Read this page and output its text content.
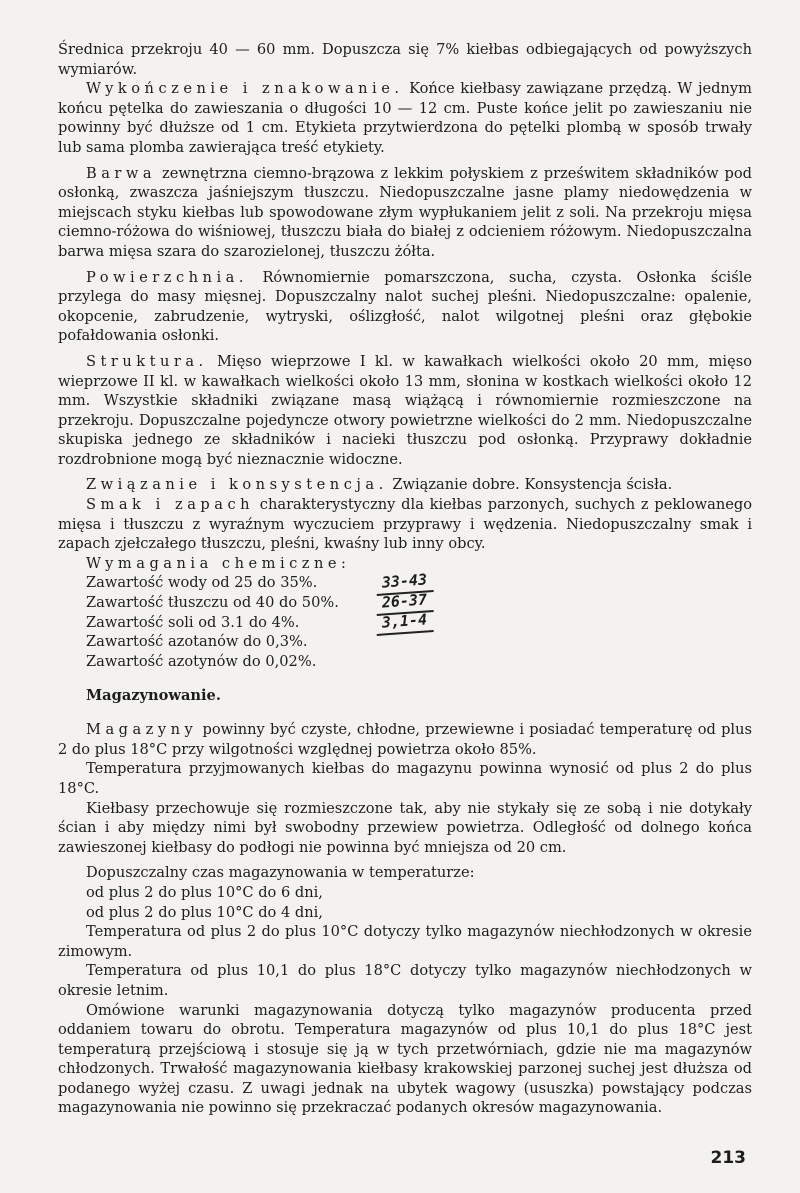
Średnica przekroju 40 — 60 mm. Dopuszcza się 7% kiełbas odbiegających od powyższych wymiarów.

Wykończenie i znakowanie. Końce kiełbasy zawiązane przędzą. W jednym końcu pętelka do zawieszania o długości 10 — 12 cm. Puste końce jelit po zawieszaniu nie powinny być dłuższe od 1 cm. Etykieta przytwierdzona do pętelki plombą w sposób trwały lub sama plomba zawierająca treść etykiety.

Barwa zewnętrzna ciemno-brązowa z lekkim połyskiem z prześwitem składników pod osłonką, zwaszcza jaśniejszym tłuszczu. Niedopuszczalne jasne plamy niedowędzenia w miejscach styku kiełbas lub spowodowane złym wypłukaniem jelit z soli. Na przekroju mięsa ciemno-różowa do wiśniowej, tłuszczu biała do białej z odcieniem różowym. Niedopuszczalna barwa mięsa szara do szarozielonej, tłuszczu żółta.

Powierzchnia. Równomiernie pomarszczona, sucha, czysta. Osłonka ściśle przylega do masy mięsnej. Dopuszczalny nalot suchej pleśni. Niedopuszczalne: opalenie, okopcenie, zabrudzenie, wytryski, oślizgłość, nalot wilgotnej pleśni oraz głębokie pofałdowania osłonki.

Struktura. Mięso wieprzowe I kl. w kawałkach wielkości około 20 mm, mięso wieprzowe II kl. w kawałkach wielkości około 13 mm, słonina w kostkach wielkości około 12 mm. Wszystkie składniki związane masą wiążącą i równomiernie rozmieszczone na przekroju. Dopuszczalne pojedyncze otwory powietrzne wielkości do 2 mm. Niedopuszczalne skupiska jednego ze składników i nacieki tłuszczu pod osłonką. Przyprawy dokładnie rozdrobnione mogą być nieznacznie widoczne.

Związanie i konsystencja. Związanie dobre. Konsystencja ścisła.

Smak i zapach charakterystyczny dla kiełbas parzonych, suchych z peklowanego mięsa i tłuszczu z wyraźnym wyczuciem przyprawy i wędzenia. Niedopuszczalny smak i zapach zjełczałego tłuszczu, pleśni, kwaśny lub inny obcy.

Wymagania chemiczne:

Zawartość wody od 25 do 35%.	33-43
Zawartość tłuszczu od 40 do 50%.	26-37
Zawartość soli od 3.1 do 4%.	3,1-4
Zawartość azotanów do 0,3%.
Zawartość azotynów do 0,02%.

Magazynowanie.

Magazyny powinny być czyste, chłodne, przewiewne i posiadać temperaturę od plus 2 do plus 18°C przy wilgotności względnej powietrza około 85%.

Temperatura przyjmowanych kiełbas do magazynu powinna wynosić od plus 2 do plus 18°C.

Kiełbasy przechowuje się rozmieszczone tak, aby nie stykały się ze sobą i nie dotykały ścian i aby między nimi był swobodny przewiew powietrza. Odległość od dolnego końca zawieszonej kiełbasy do podłogi nie powinna być mniejsza od 20 cm.

Dopuszczalny czas magazynowania w temperaturze:

od plus 2 do plus 10°C do 6 dni,

od plus 2 do plus 10°C do 4 dni,

Temperatura od plus 2 do plus 10°C dotyczy tylko magazynów niechłodzonych w okresie zimowym.

Temperatura od plus 10,1 do plus 18°C dotyczy tylko magazynów niechłodzonych w okresie letnim.

Omówione warunki magazynowania dotyczą tylko magazynów producenta przed oddaniem towaru do obrotu. Temperatura magazynów od plus 10,1 do plus 18°C jest temperaturą przejściową i stosuje się ją w tych przetwórniach, gdzie nie ma magazynów chłodzonych. Trwałość magazynowania kiełbasy krakowskiej parzonej suchej jest dłuższa od podanego wyżej czasu. Z uwagi jednak na ubytek wagowy (ususzka) powstający podczas magazynowania nie powinno się przekraczać podanych okresów magazynowania.

213
